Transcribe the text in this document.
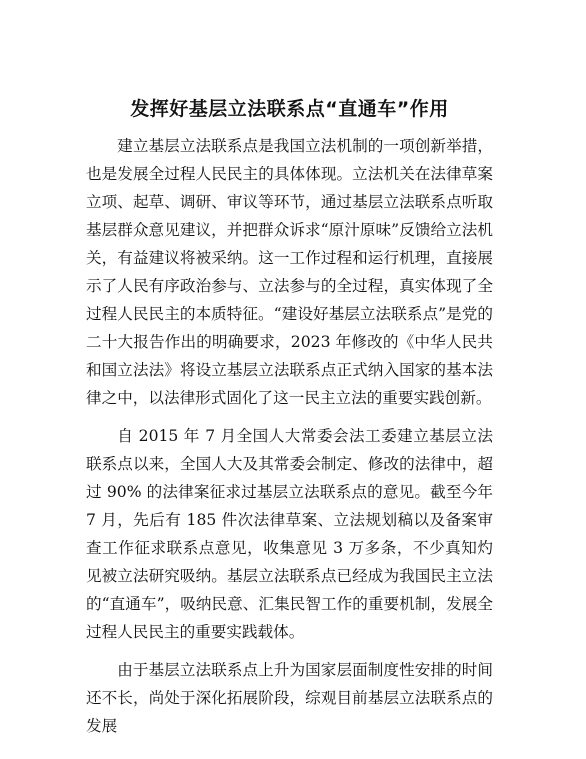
发挥好基层立法联系点“直通车”作用

建立基层立法联系点是我国立法机制的一项创新举措，也是发展全过程人民民主的具体体现。立法机关在法律草案立项、起草、调研、审议等环节，通过基层立法联系点听取基层群众意见建议，并把群众诉求“原汁原味”反馈给立法机关，有益建议将被采纳。这一工作过程和运行机理，直接展示了人民有序政治参与、立法参与的全过程，真实体现了全过程人民民主的本质特征。“建设好基层立法联系点”是党的二十大报告作出的明确要求，2023 年修改的《中华人民共和国立法法》将设立基层立法联系点正式纳入国家的基本法律之中，以法律形式固化了这一民主立法的重要实践创新。

自 2015 年 7 月全国人大常委会法工委建立基层立法联系点以来，全国人大及其常委会制定、修改的法律中，超过 90% 的法律案征求过基层立法联系点的意见。截至今年 7 月，先后有 185 件次法律草案、立法规划稿以及备案审查工作征求联系点意见，收集意见 3 万多条，不少真知灼见被立法研究吸纳。基层立法联系点已经成为我国民主立法的“直通车”，吸纳民意、汇集民智工作的重要机制，发展全过程人民民主的重要实践载体。

由于基层立法联系点上升为国家层面制度性安排的时间还不长，尚处于深化拓展阶段，综观目前基层立法联系点的发展
